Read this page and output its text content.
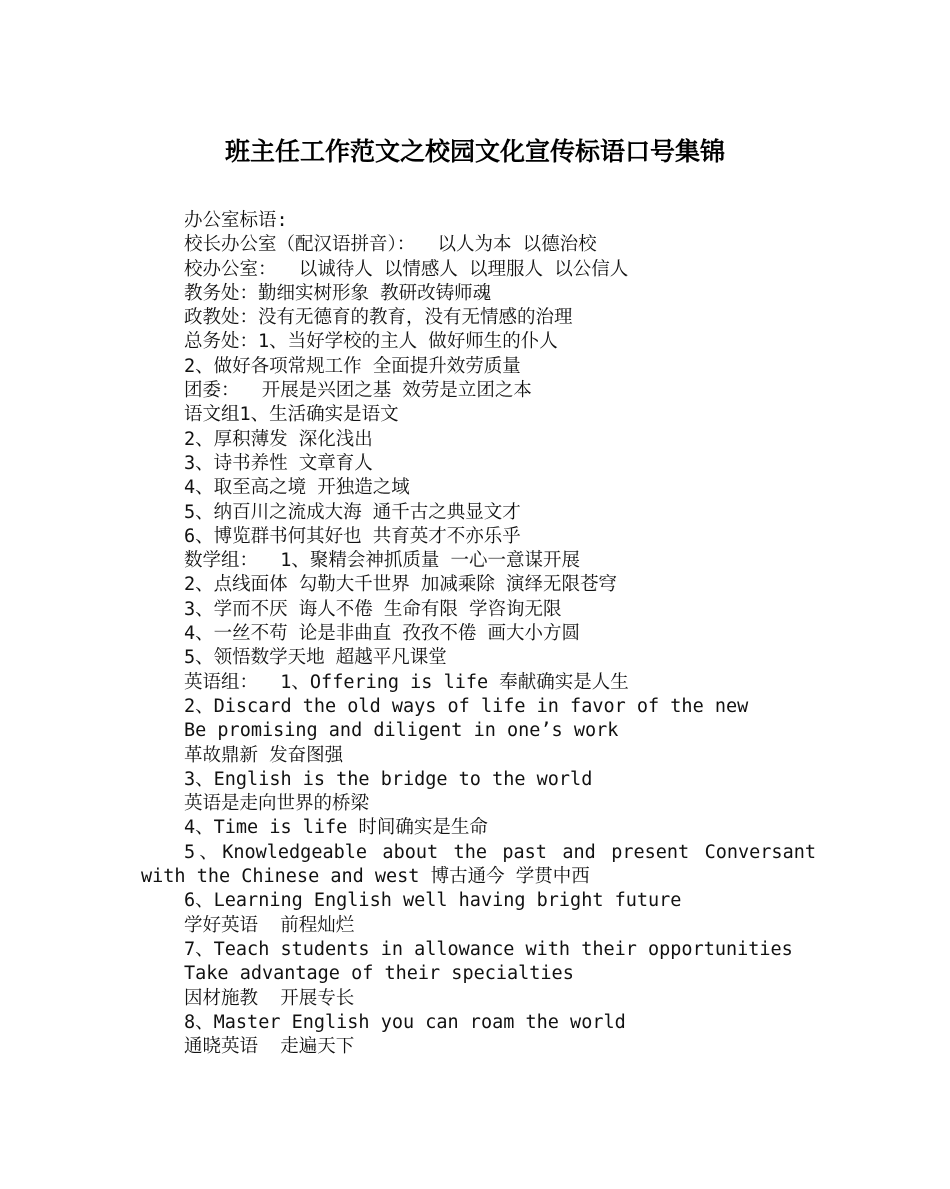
班主任工作范文之校园文化宣传标语口号集锦
办公室标语:
校长办公室（配汉语拼音）：  以人为本 以德治校
校办公室：  以诚待人 以情感人 以理服人 以公信人
教务处：勤细实树形象 教研改铸师魂
政教处：没有无德育的教育，没有无情感的治理
总务处：1、当好学校的主人 做好师生的仆人
2、做好各项常规工作 全面提升效劳质量
团委：  开展是兴团之基 效劳是立团之本
语文组1、生活确实是语文
2、厚积薄发 深化浅出
3、诗书养性 文章育人
4、取至高之境 开独造之域
5、纳百川之流成大海 通千古之典显文才
6、博览群书何其好也 共育英才不亦乐乎
数学组：  1、聚精会神抓质量 一心一意谋开展
2、点线面体 勾勒大千世界 加减乘除 演绎无限苍穹
3、学而不厌 诲人不倦 生命有限 学咨询无限
4、一丝不苟 论是非曲直 孜孜不倦 画大小方圆
5、领悟数学天地 超越平凡课堂
英语组：  1、Offering is life 奉献确实是人生
2、Discard the old ways of life in favor of the new
Be promising and diligent in one’s work
革故鼎新 发奋图强
3、English is the bridge to the world
英语是走向世界的桥梁
4、Time is life 时间确实是生命
5、Knowledgeable about the past and present Conversant with the Chinese and west 博古通今 学贯中西
6、Learning English well having bright future
学好英语  前程灿烂
7、Teach students in allowance with their opportunities
Take advantage of their specialties
因材施教  开展专长
8、Master English you can roam the world
通晓英语  走遍天下
